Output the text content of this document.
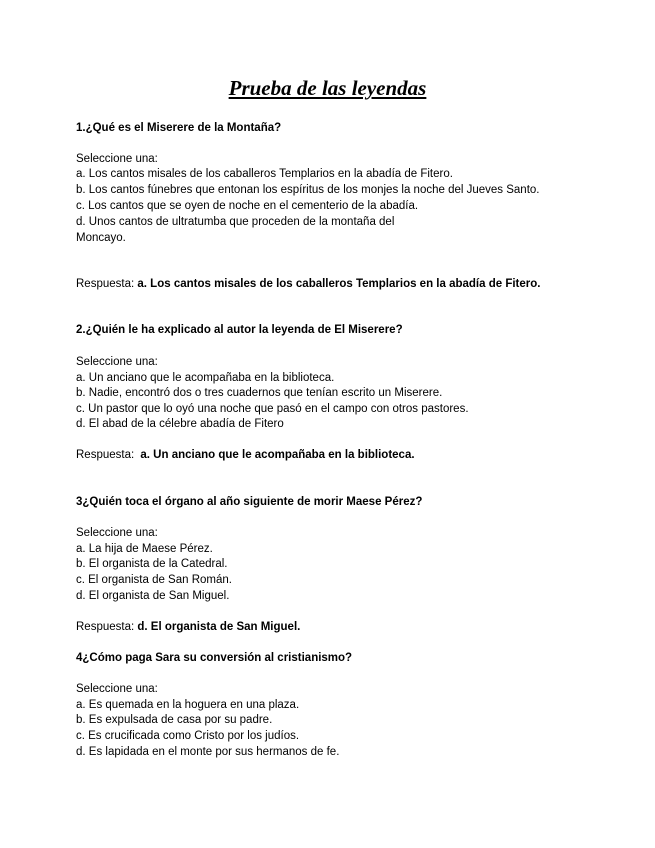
Prueba de las leyendas
1.¿Qué es el Miserere de la Montaña?
Seleccione una:
a. Los cantos misales de los caballeros Templarios en la abadía de Fitero.
b. Los cantos fúnebres que entonan los espíritus de los monjes la noche del Jueves Santo.
c. Los cantos que se oyen de noche en el cementerio de la abadía.
d. Unos cantos de ultratumba que proceden de la montaña del
Moncayo.
Respuesta: a. Los cantos misales de los caballeros Templarios en la abadía de Fitero.
2.¿Quién le ha explicado al autor la leyenda de El Miserere?
Seleccione una:
a. Un anciano que le acompañaba en la biblioteca.
b. Nadie, encontró dos o tres cuadernos que tenían escrito un Miserere.
c. Un pastor que lo oyó una noche que pasó en el campo con otros pastores.
d. El abad de la célebre abadía de Fitero
Respuesta: a. Un anciano que le acompañaba en la biblioteca.
3¿Quién toca el órgano al año siguiente de morir Maese Pérez?
Seleccione una:
a. La hija de Maese Pérez.
b. El organista de la Catedral.
c. El organista de San Román.
d. El organista de San Miguel.
Respuesta: d. El organista de San Miguel.
4¿Cómo paga Sara su conversión al cristianismo?
Seleccione una:
a. Es quemada en la hoguera en una plaza.
b. Es expulsada de casa por su padre.
c. Es crucificada como Cristo por los judíos.
d. Es lapidada en el monte por sus hermanos de fe.
